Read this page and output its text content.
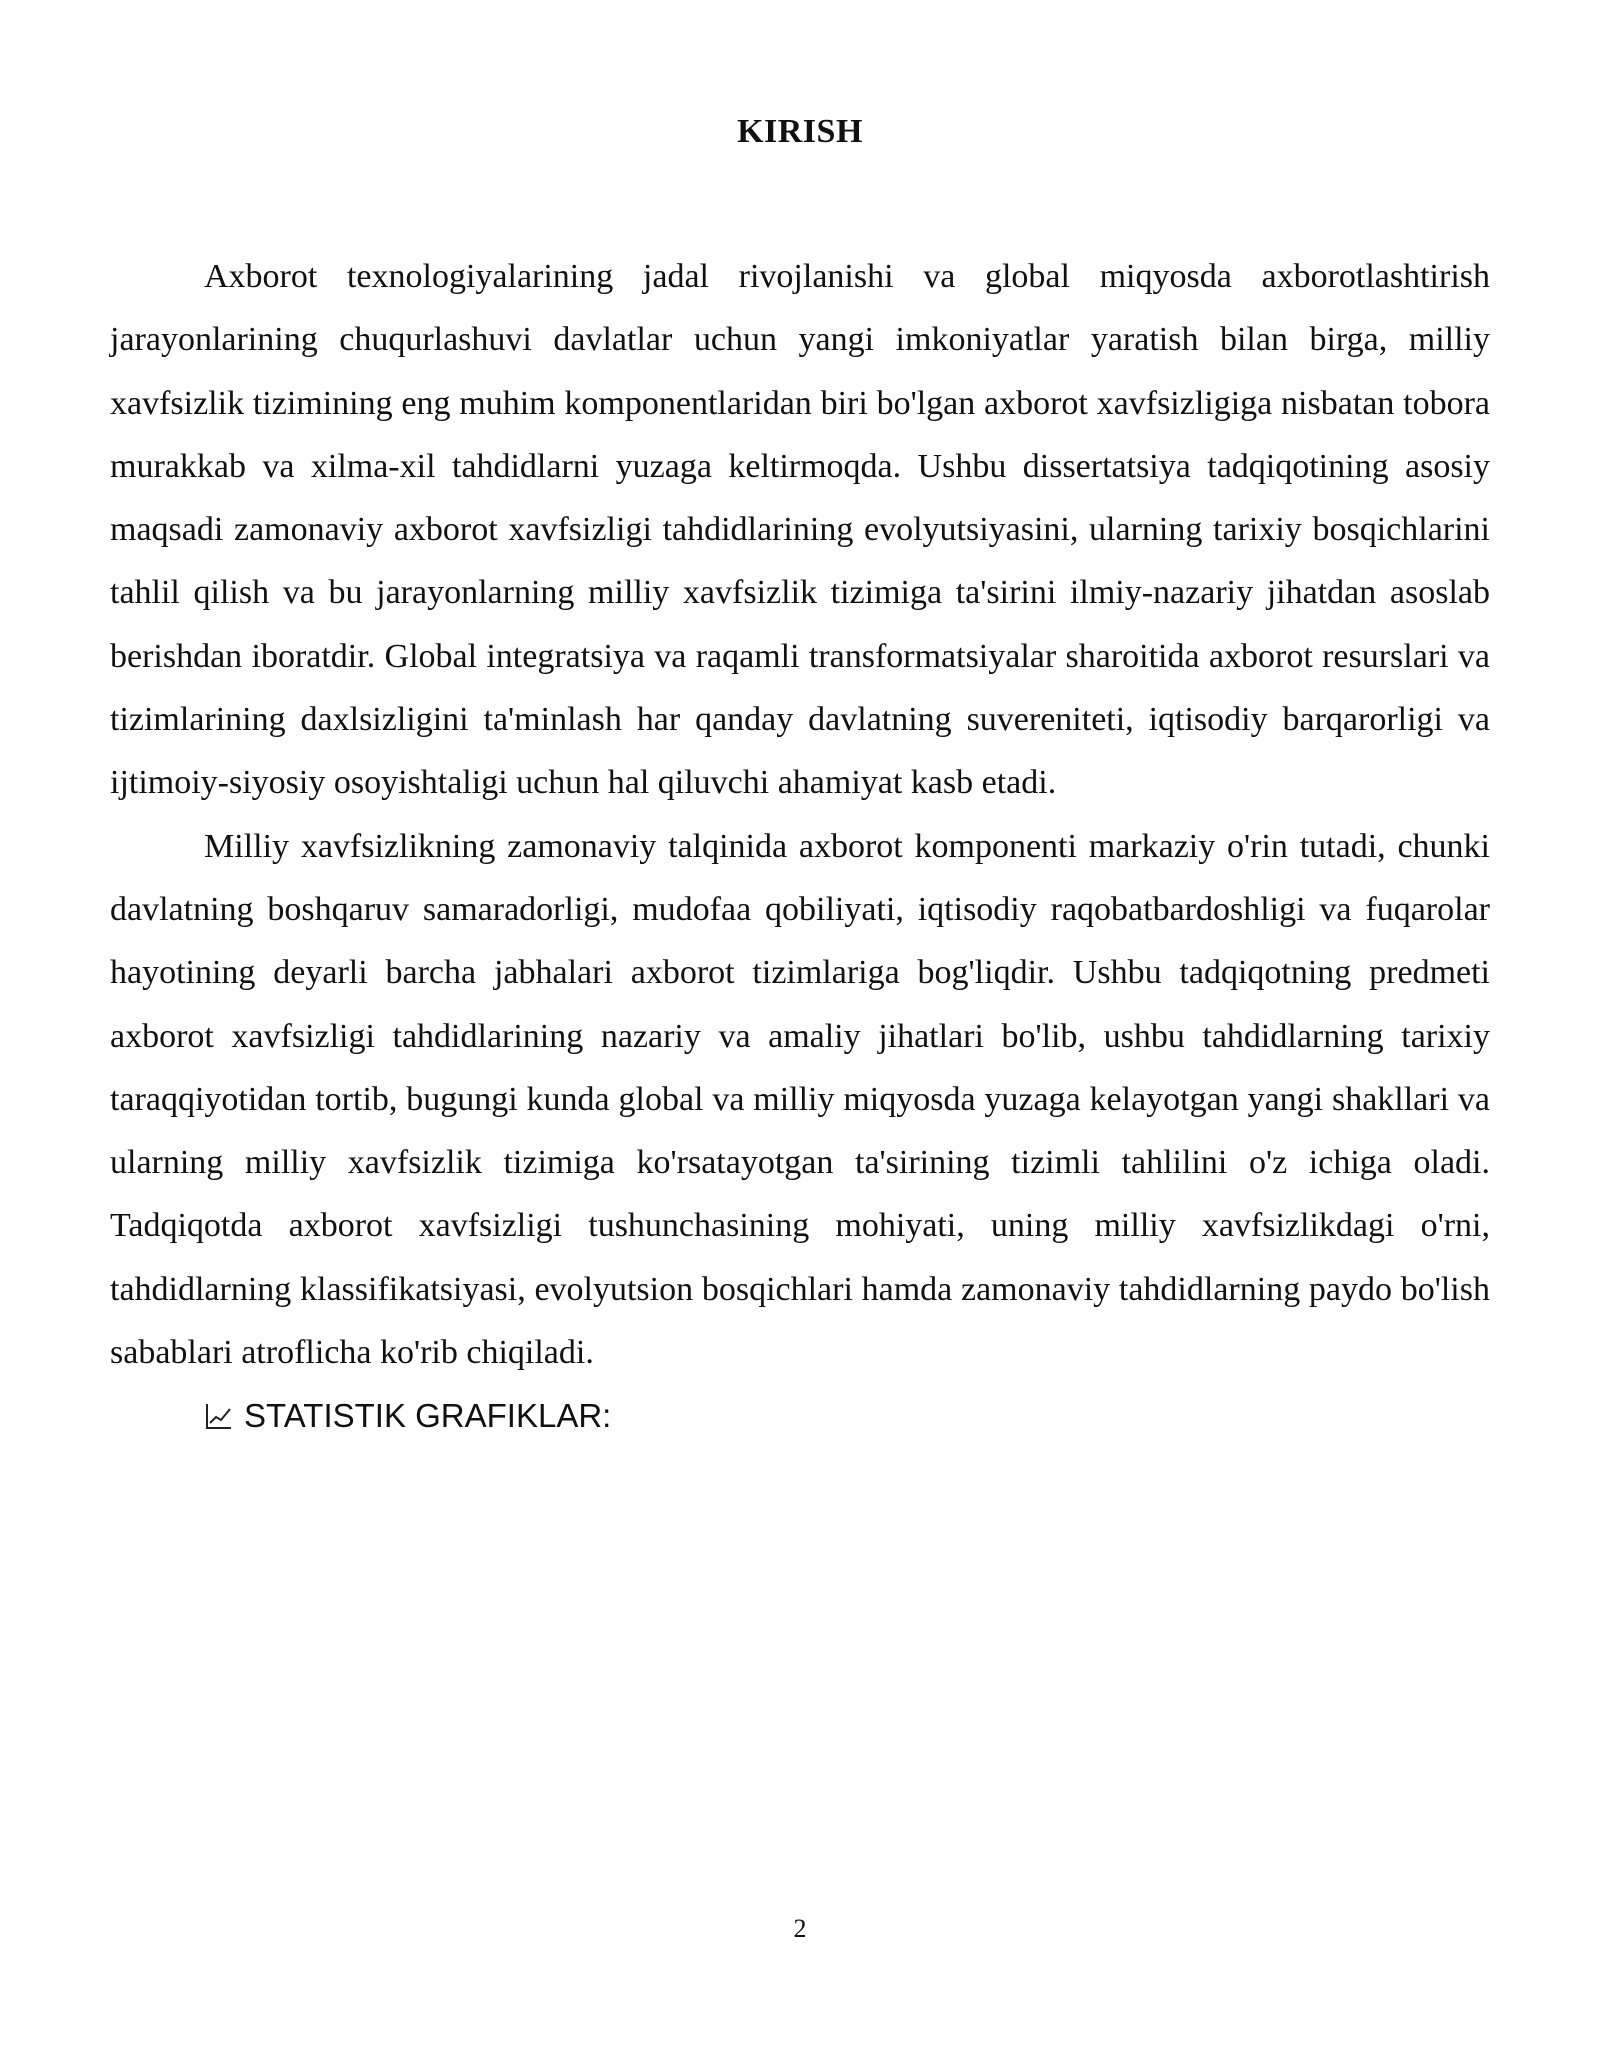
KIRISH

Axborot texnologiyalarining jadal rivojlanishi va global miqyosda axborotlashtirish jarayonlarining chuqurlashuvi davlatlar uchun yangi imkoniyatlar yaratish bilan birga, milliy xavfsizlik tizimining eng muhim komponentlaridan biri bo'lgan axborot xavfsizligiga nisbatan tobora murakkab va xilma-xil tahdidlarni yuzaga keltirmoqda. Ushbu dissertatsiya tadqiqotining asosiy maqsadi zamonaviy axborot xavfsizligi tahdidlarining evolyutsiyasini, ularning tarixiy bosqichlarini tahlil qilish va bu jarayonlarning milliy xavfsizlik tizimiga ta'sirini ilmiy-nazariy jihatdan asoslab berishdan iboratdir. Global integratsiya va raqamli transformatsiyalar sharoitida axborot resurslari va tizimlarining daxlsizligini ta'minlash har qanday davlatning suvereniteti, iqtisodiy barqarorligi va ijtimoiy-siyosiy osoyishtaligi uchun hal qiluvchi ahamiyat kasb etadi.

Milliy xavfsizlikning zamonaviy talqinida axborot komponenti markaziy o'rin tutadi, chunki davlatning boshqaruv samaradorligi, mudofaa qobiliyati, iqtisodiy raqobatbardoshligi va fuqarolar hayotining deyarli barcha jabhalari axborot tizimlariga bog'liqdir. Ushbu tadqiqotning predmeti axborot xavfsizligi tahdidlarining nazariy va amaliy jihatlari bo'lib, ushbu tahdidlarning tarixiy taraqqiyotidan tortib, bugungi kunda global va milliy miqyosda yuzaga kelayotgan yangi shakllari va ularning milliy xavfsizlik tizimiga ko'rsatayotgan ta'sirining tizimli tahlilini o'z ichiga oladi. Tadqiqotda axborot xavfsizligi tushunchasining mohiyati, uning milliy xavfsizlikdagi o'rni, tahdidlarning klassifikatsiyasi, evolyutsion bosqichlari hamda zamonaviy tahdidlarning paydo bo'lish sabablari atroflicha ko'rib chiqiladi.

STATISTIK GRAFIKLAR:

2
